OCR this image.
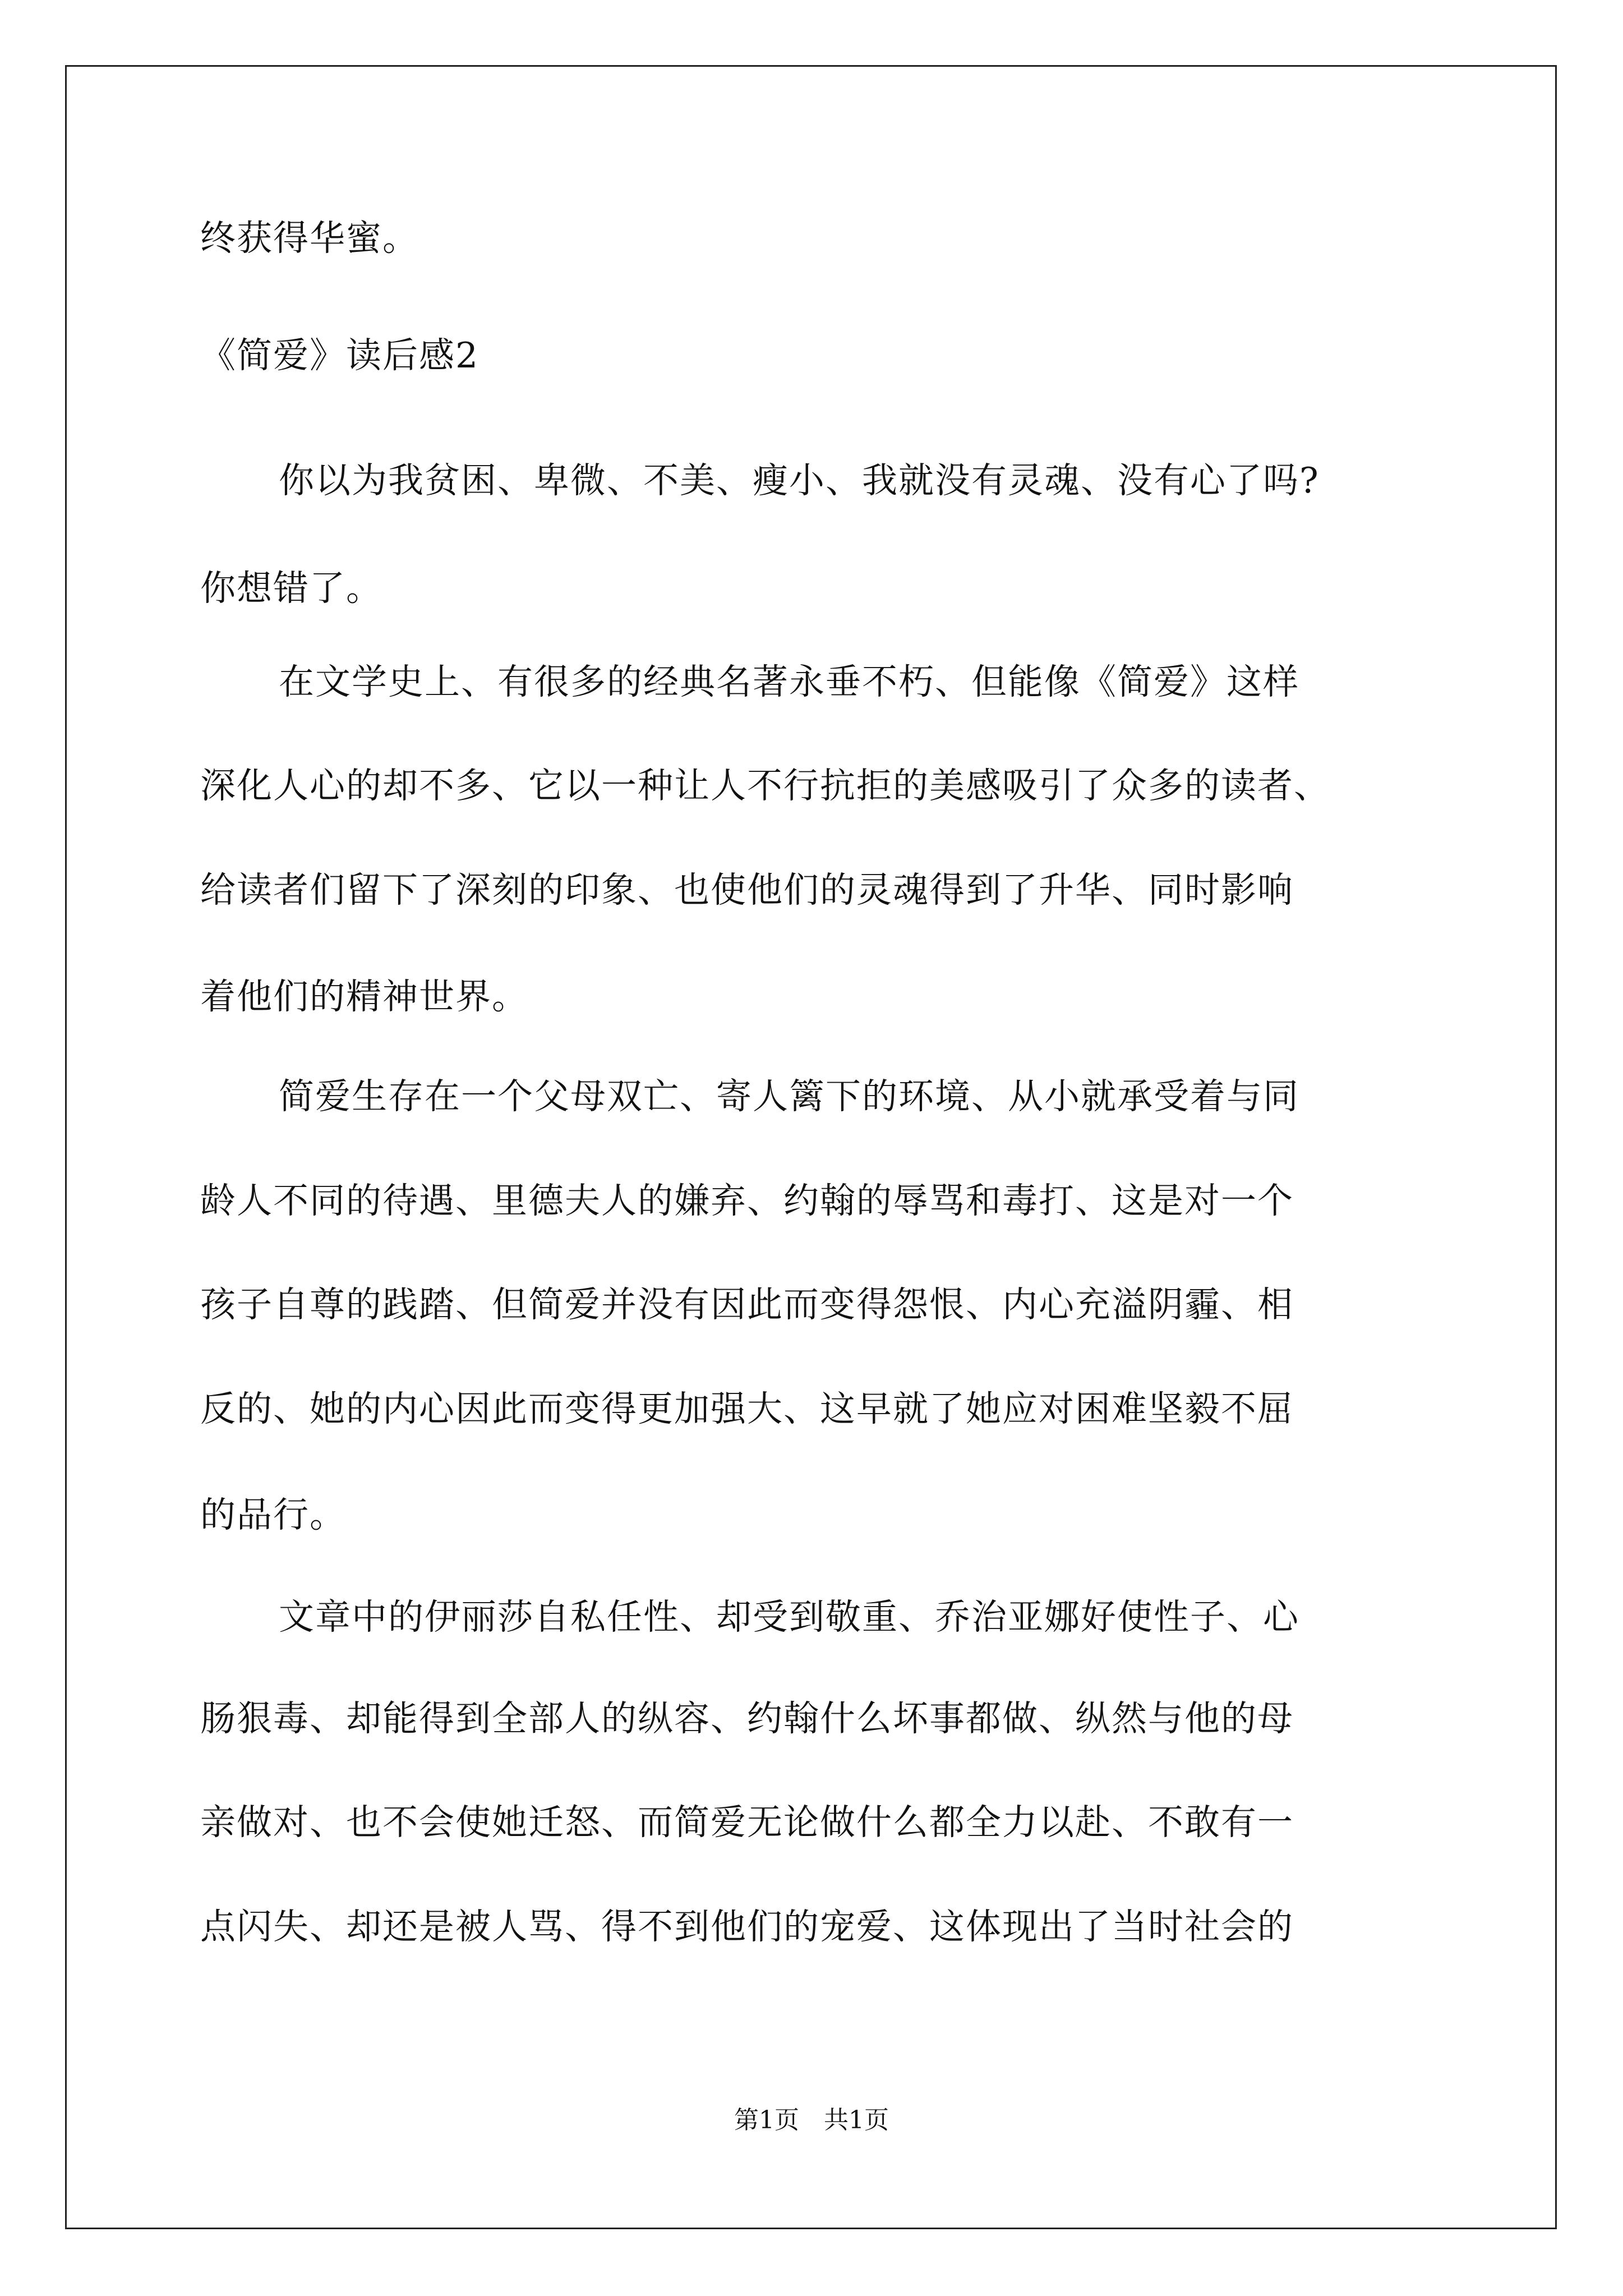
终获得华蜜。
《简爱》读后感2
你以为我贫困、卑微、不美、瘦小、我就没有灵魂、没有心了吗?
你想错了。
在文学史上、有很多的经典名著永垂不朽、但能像《简爱》这样
深化人心的却不多、它以一种让人不行抗拒的美感吸引了众多的读者、
给读者们留下了深刻的印象、也使他们的灵魂得到了升华、同时影响
着他们的精神世界。
简爱生存在一个父母双亡、寄人篱下的环境、从小就承受着与同
龄人不同的待遇、里德夫人的嫌弃、约翰的辱骂和毒打、这是对一个
孩子自尊的践踏、但简爱并没有因此而变得怨恨、内心充溢阴霾、相
反的、她的内心因此而变得更加强大、这早就了她应对困难坚毅不屈
的品行。
文章中的伊丽莎自私任性、却受到敬重、乔治亚娜好使性子、心
肠狠毒、却能得到全部人的纵容、约翰什么坏事都做、纵然与他的母
亲做对、也不会使她迁怒、而简爱无论做什么都全力以赴、不敢有一
点闪失、却还是被人骂、得不到他们的宠爱、这体现出了当时社会的
第1页　共1页
